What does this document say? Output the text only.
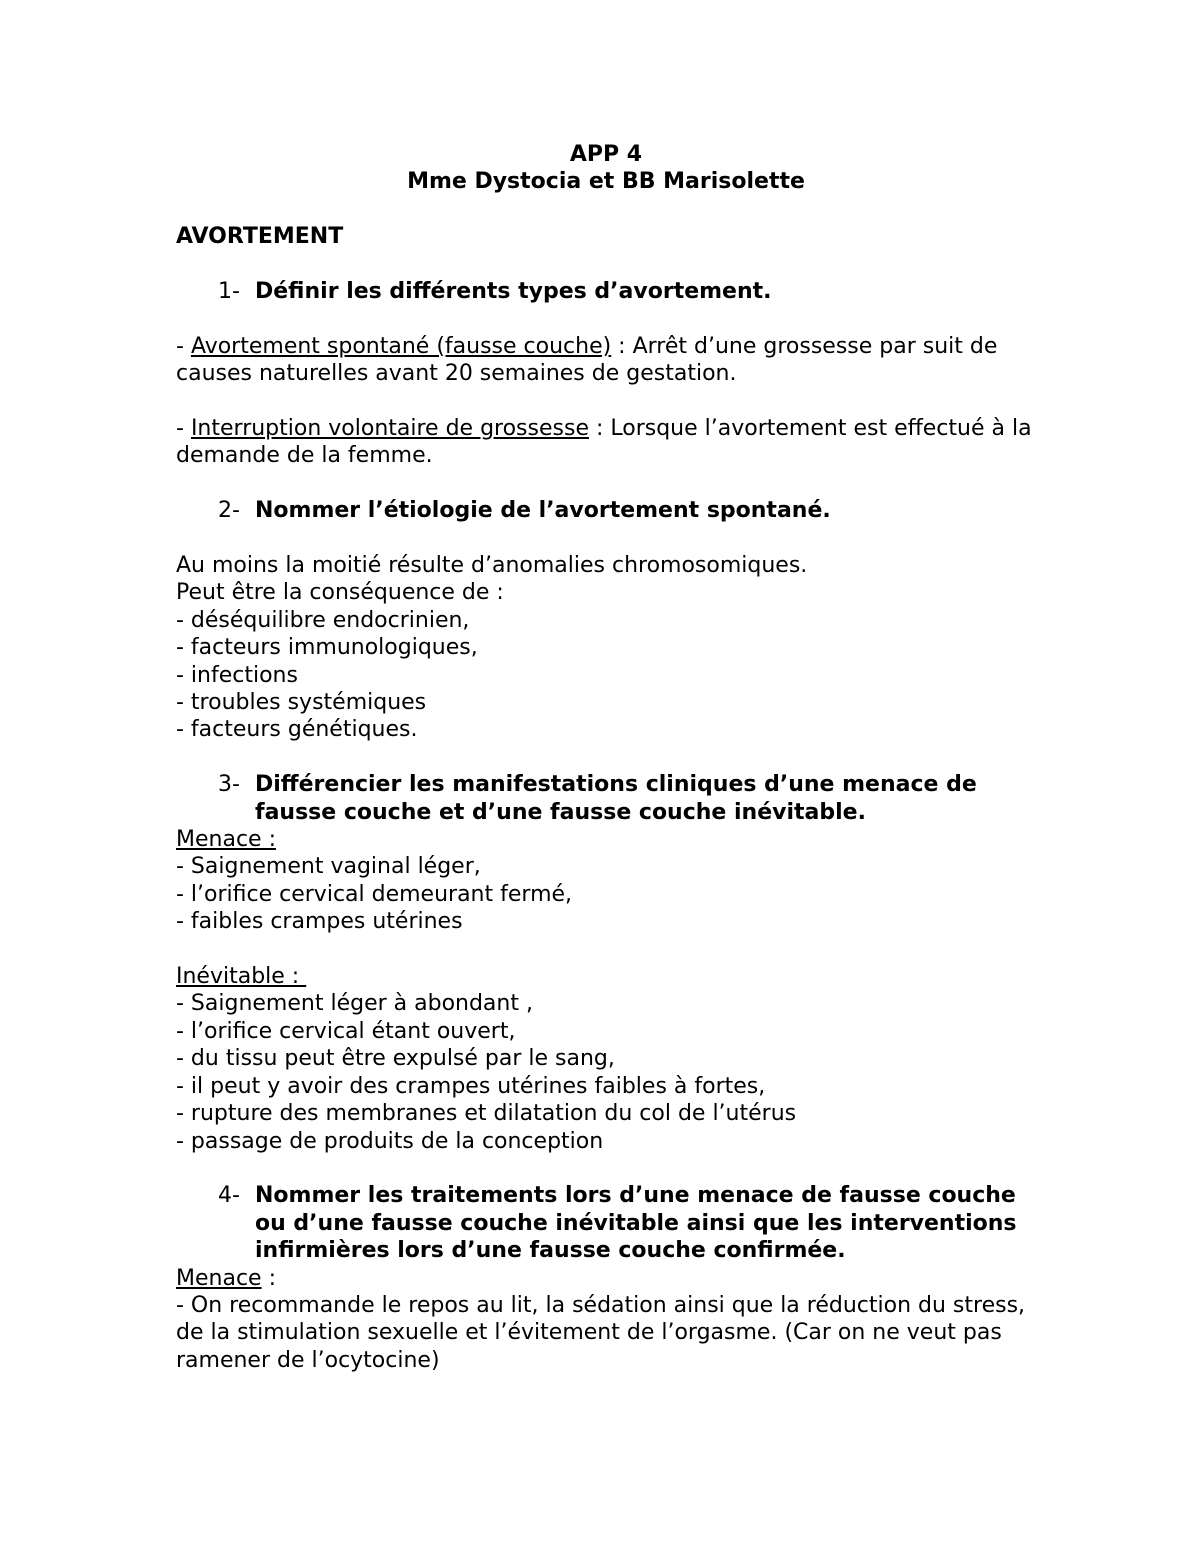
APP 4

Mme Dystocia et BB Marisolette

AVORTEMENT

1- Définir les différents types d’avortement.

- Avortement spontané (fausse couche) : Arrêt d’une grossesse par suit de causes naturelles avant 20 semaines de gestation.

- Interruption volontaire de grossesse : Lorsque l’avortement est effectué à la demande de la femme.

2- Nommer l’étiologie de l’avortement spontané.

Au moins la moitié résulte d’anomalies chromosomiques.

Peut être la conséquence de :

- déséquilibre endocrinien,

- facteurs immunologiques,

- infections

- troubles systémiques

- facteurs génétiques.

3- Différencier les manifestations cliniques d’une menace de fausse couche et d’une fausse couche inévitable.

Menace :

- Saignement vaginal léger,

- l’orifice cervical demeurant fermé,

- faibles crampes utérines

Inévitable :

- Saignement léger à abondant ,

- l’orifice cervical étant ouvert,

- du tissu peut être expulsé par le sang,

- il peut y avoir des crampes utérines faibles à fortes,

- rupture des membranes et dilatation du col de l’utérus

- passage de produits de la conception

4- Nommer les traitements lors d’une menace de fausse couche ou d’une fausse couche inévitable ainsi que les interventions infirmières lors d’une fausse couche confirmée.

Menace :

- On recommande le repos au lit, la sédation ainsi que la réduction du stress, de la stimulation sexuelle et l’évitement de l’orgasme. (Car on ne veut pas ramener de l’ocytocine)
